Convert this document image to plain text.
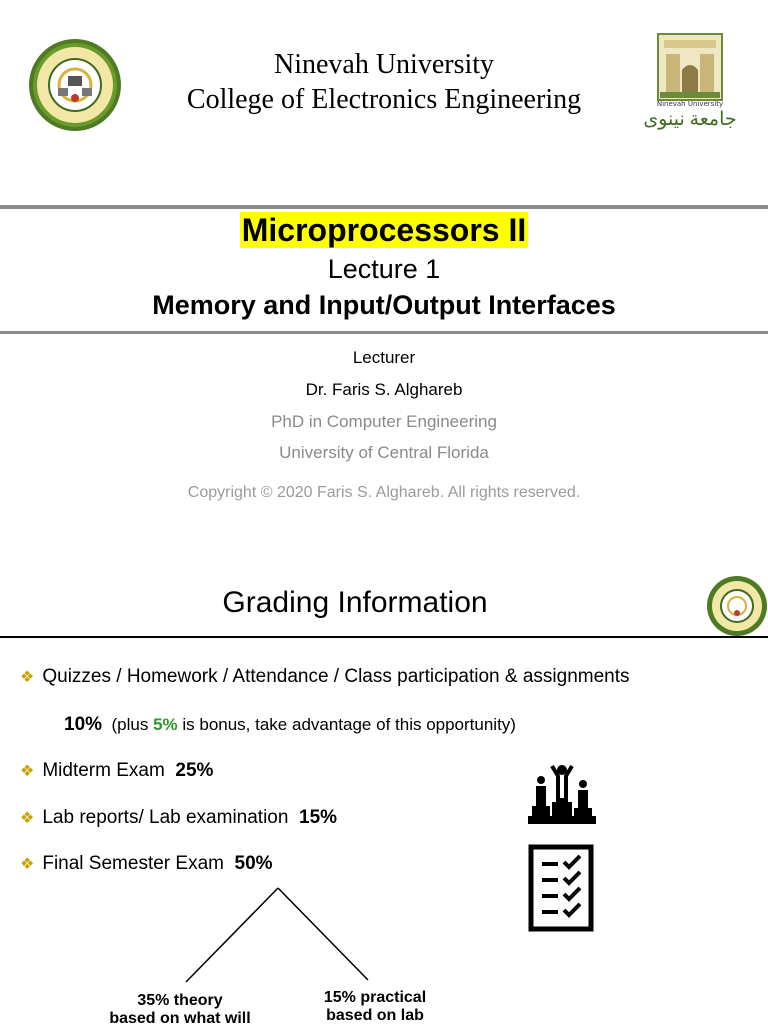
Ninevah University
College of Electronics Engineering	Ninevah University
جامعة نينوى
Microprocessors II
Lecture 1
Memory and Input/Output Interfaces
Lecturer
Dr. Faris S. Alghareb
PhD in Computer Engineering
University of Central Florida
Copyright © 2020 Faris S. Alghareb. All rights reserved.
Grading Information
❖ Quizzes / Homework / Attendance / Class participation & assignments
10% (plus 5% is bonus, take advantage of this opportunity)
❖ Midterm Exam 25%
❖ Lab reports/ Lab examination 15%
❖ Final Semester Exam 50%
35% theory
based on what will
15% practical
based on lab
